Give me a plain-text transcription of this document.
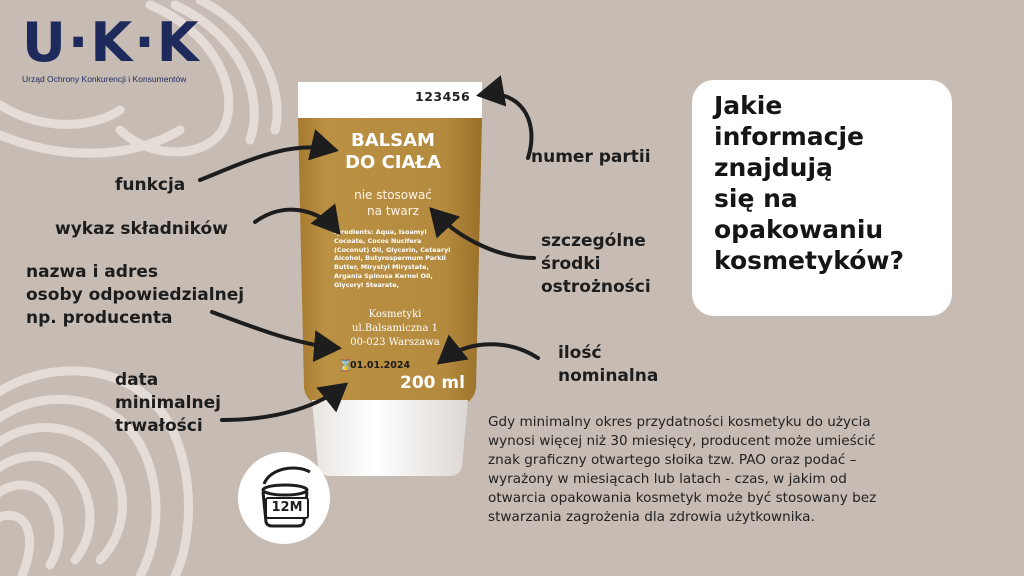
U·K·K
Urząd Ochrony Konkurencji i Konsumentów
123456
BALSAM
DO CIAŁA
nie stosować
na twarz
Igredients: Aqua, Isoamyl Cocoate, Cocos Nucifera (Coconut) Oil, Glycerin, Cetearyl Alcohol, Butyrospermum Parkii Butter, Mirystyl Mirystate, Argania Spinosa Kernel Oil, Glyceryl Stearate,
Kosmetyki
ul.Balsamiczna 1
00-023 Warszawa
⌛
01.01.2024
200 ml
funkcja
wykaz składników
nazwa i adres
osoby odpowiedzialnej
np. producenta
data
minimalnej
trwałości
numer partii
szczególne
środki
ostrożności
ilość
nominalna
Jakie
informacje
znajdują
się na
opakowaniu
kosmetyków?
12M
Gdy minimalny okres przydatności kosmetyku do użycia wynosi więcej niż 30 miesięcy, producent może umieścić znak graficzny otwartego słoika tzw. PAO oraz podać – wyrażony w miesiącach lub latach - czas, w jakim od otwarcia opakowania kosmetyk może być stosowany bez stwarzania zagrożenia dla zdrowia użytkownika.
